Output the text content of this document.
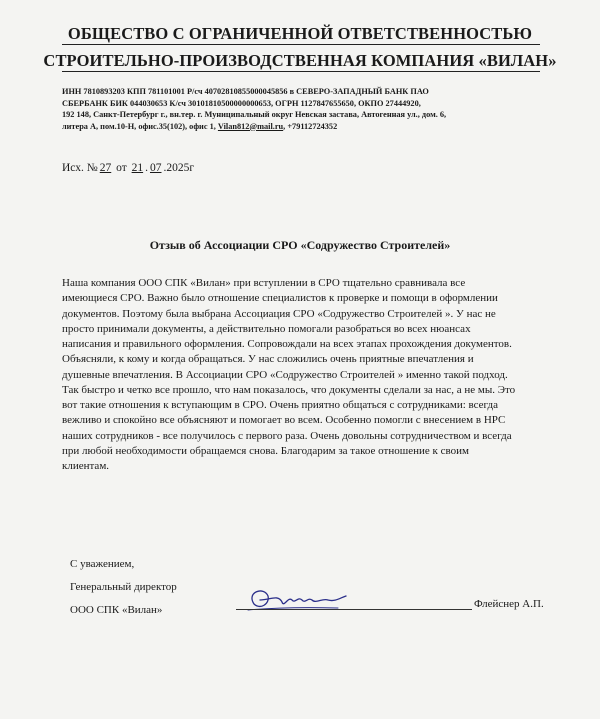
ОБЩЕСТВО С ОГРАНИЧЕННОЙ ОТВЕТСТВЕННОСТЬЮ
СТРОИТЕЛЬНО-ПРОИЗВОДСТВЕННАЯ КОМПАНИЯ «ВИЛАН»
ИНН 7810893203 КПП 781101001 Р/сч 40702810855000045856 в СЕВЕРО-ЗАПАДНЫЙ БАНК ПАО
СБЕРБАНК БИК 044030653 К/сч 30101810500000000653, ОГРН 1127847655650, ОКПО 27444920,
192 148, Санкт-Петербург г., вн.тер. г. Муниципальный округ Невская застава, Автогенная ул., дом. 6,
литера А, пом.10-Н, офис.35(102), офис 1, Vilan812@mail.ru, +79112724352
Исх. № 27 от 21 . 07 .2025г
Отзыв об Ассоциации СРО «Содружество Строителей»
Наша компания ООО СПК «Вилан» при вступлении в СРО тщательно сравнивала все
имеющиеся СРО. Важно было отношение специалистов к проверке и помощи в оформлении
документов. Поэтому была выбрана Ассоциация СРО «Содружество Строителей ». У нас не
просто принимали документы, а действительно помогали разобраться во всех нюансах
написания и правильного оформления. Сопровождали на всех этапах прохождения документов.
Объясняли, к кому и когда обращаться. У нас сложились очень приятные впечатления и
душевные впечатления. В Ассоциации СРО «Содружество Строителей » именно такой подход.
Так быстро и четко все прошло, что нам показалось, что документы сделали за нас, а не мы. Это
вот такие отношения к вступающим в СРО. Очень приятно общаться с сотрудниками: всегда
вежливо и спокойно все объясняют и помогает во всем. Особенно помогли с внесением в НРС
наших сотрудников - все получилось с первого раза. Очень довольны сотрудничеством и всегда
при любой необходимости обращаемся снова. Благодарим за такое отношение к своим
клиентам.
С уважением,
Генеральный директор
ООО СПК «Вилан»	Флейснер А.П.
